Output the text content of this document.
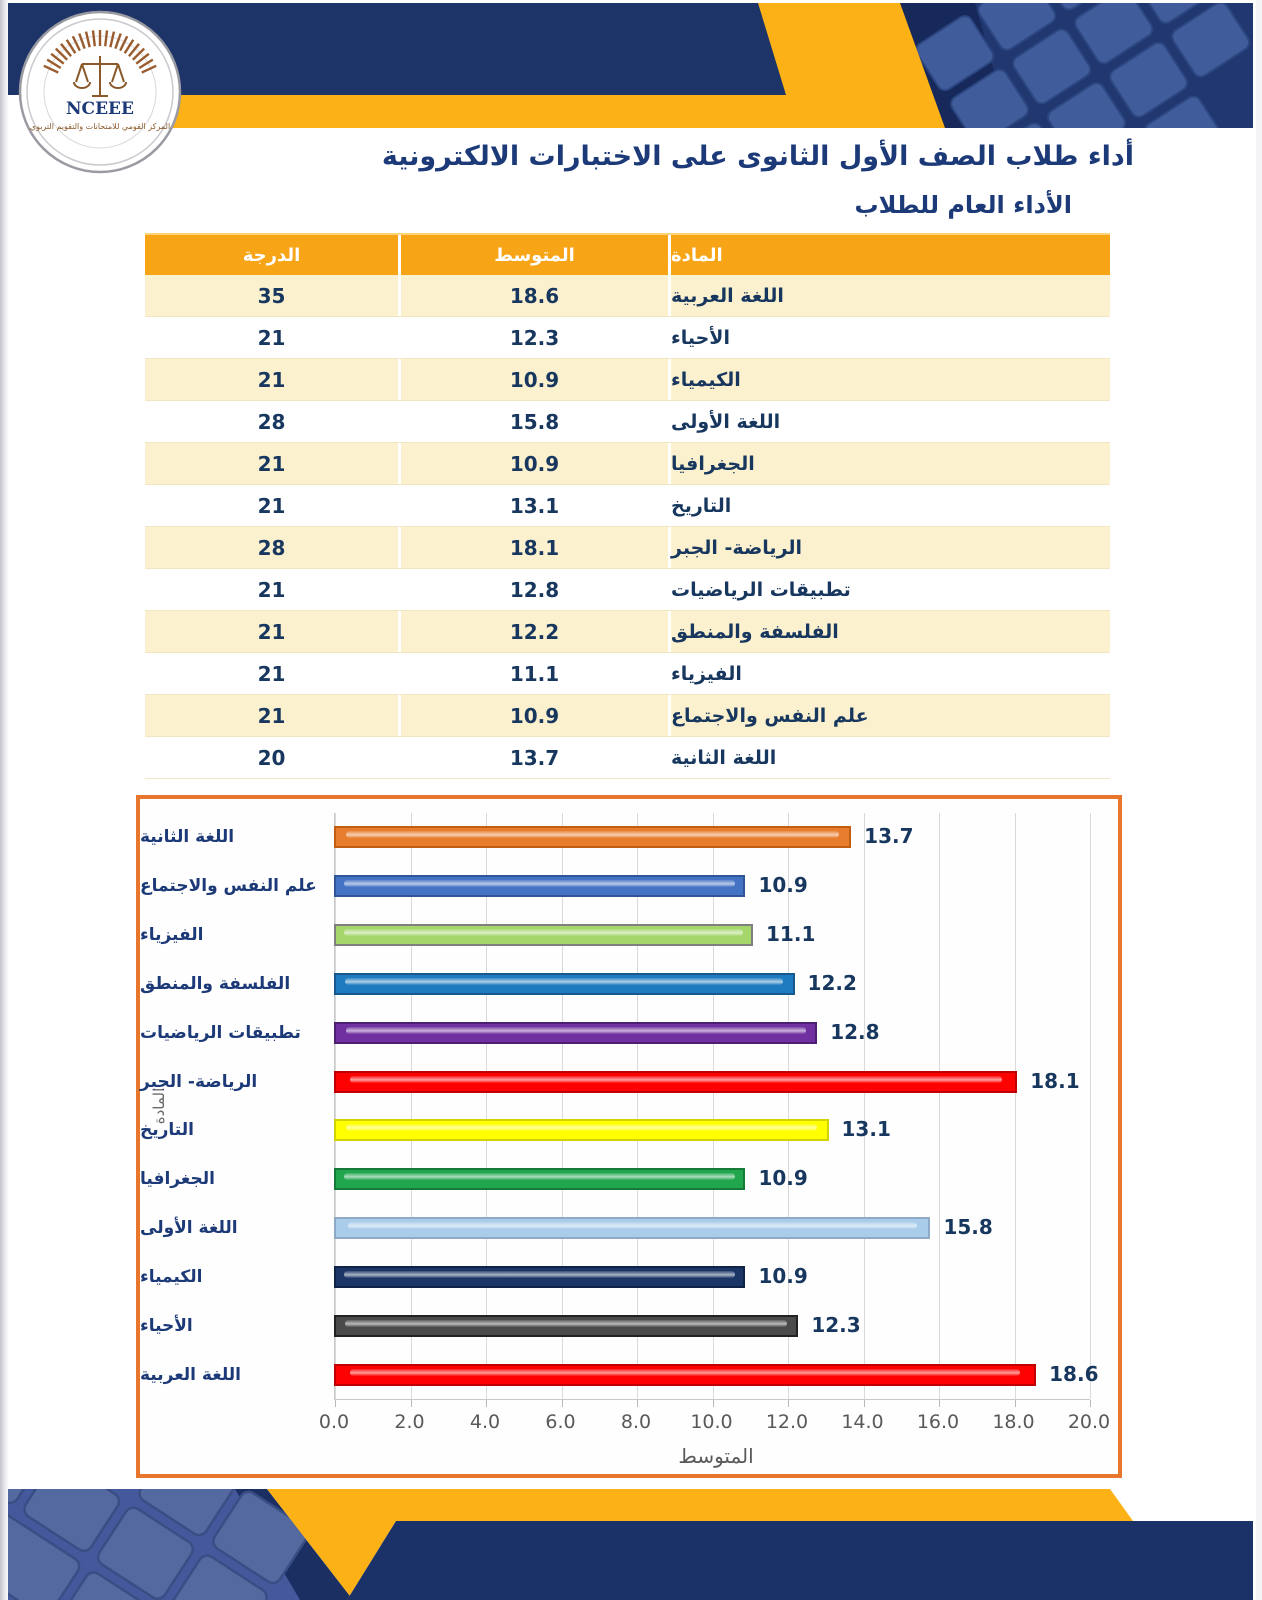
NCEEE
المركز القومي للامتحانات والتقويم التربوي
أداء طلاب الصف الأول الثانوى على الاختبارات الالكترونية
الأداء العام للطلاب
الدرجة	المتوسط	المادة
35	18.6	اللغة العربية
21	12.3	الأحياء
21	10.9	الكيمياء
28	15.8	اللغة الأولى
21	10.9	الجغرافيا
21	13.1	التاريخ
28	18.1	الرياضة- الجبر
21	12.8	تطبيقات الرياضيات
21	12.2	الفلسفة والمنطق
21	11.1	الفيزياء
21	10.9	علم النفس والاجتماع
20	13.7	اللغة الثانية
المادة
13.7
10.9
11.1
12.2
12.8
18.1
13.1
10.9
15.8
10.9
12.3
18.6
اللغة الثانية
علم النفس والاجتماع
الفيزياء
الفلسفة والمنطق
تطبيقات الرياضيات
الرياضة- الجبر
التاريخ
الجغرافيا
اللغة الأولى
الكيمياء
الأحياء
اللغة العربية
0.0	2.0	4.0	6.0	8.0	10.0	12.0	14.0	16.0	18.0	20.0
المتوسط
